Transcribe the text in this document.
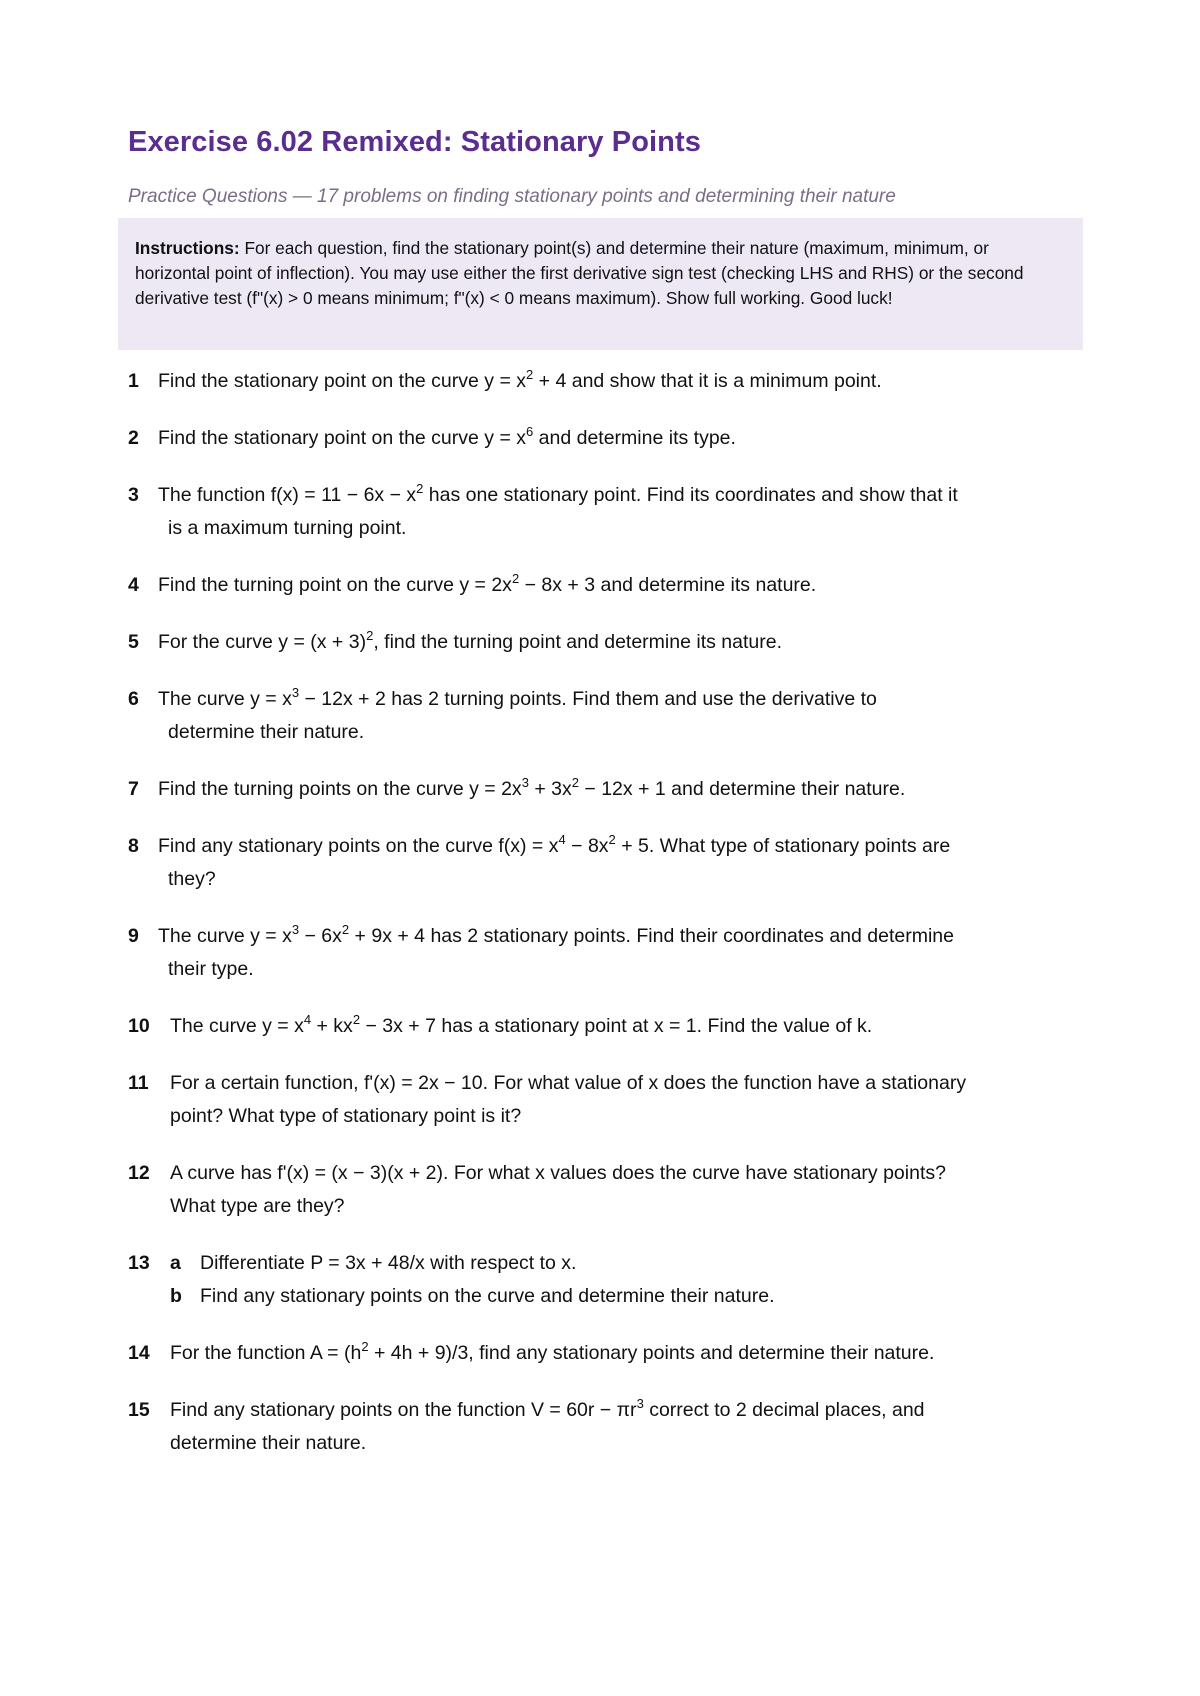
Exercise 6.02 Remixed: Stationary Points

Practice Questions — 17 problems on finding stationary points and determining their nature

Instructions: For each question, find the stationary point(s) and determine their nature (maximum, minimum, or horizontal point of inflection). You may use either the first derivative sign test (checking LHS and RHS) or the second derivative test (f"(x) > 0 means minimum; f"(x) < 0 means maximum). Show full working. Good luck!
1 Find the stationary point on the curve $y = x^2 + 4$ and show that it is a minimum point.
2 Find the stationary point on the curve $y = x^6$ and determine its type.
3 The function $f(x) = 11 - 6x - x^2$ has one stationary point. Find its coordinates and show that it
is a maximum turning point.
4 Find the turning point on the curve $y = 2x^2 - 8x + 3$ and determine its nature.
5 For the curve $y = (x + 3)^2$, find the turning point and determine its nature.
6 The curve $y = x^3 - 12x + 2$ has 2 turning points. Find them and use the derivative to
determine their nature.
7 Find the turning points on the curve $y = 2x^3 + 3x^2 - 12x + 1$ and determine their nature.
8 Find any stationary points on the curve $f(x) = x^4 - 8x^2 + 5$. What type of stationary points are
they?
9 The curve $y = x^3 - 6x^2 + 9x + 4$ has 2 stationary points. Find their coordinates and determine
their type.
10 The curve $y = x^4 + kx^2 - 3x + 7$ has a stationary point at x = 1. Find the value of k.
11 For a certain function, f'(x) = 2x − 10. For what value of x does the function have a stationary
point? What type of stationary point is it?
12 A curve has f'(x) = (x − 3)(x + 2). For what x values does the curve have stationary points?
What type are they?
13 a Differentiate P = 3x + 48/x with respect to x.
b Find any stationary points on the curve and determine their nature.
14 For the function $A = (h^2 + 4h + 9)/3$, find any stationary points and determine their nature.
15 Find any stationary points on the function $V = 60r - \pi r^3$ correct to 2 decimal places, and
determine their nature.
